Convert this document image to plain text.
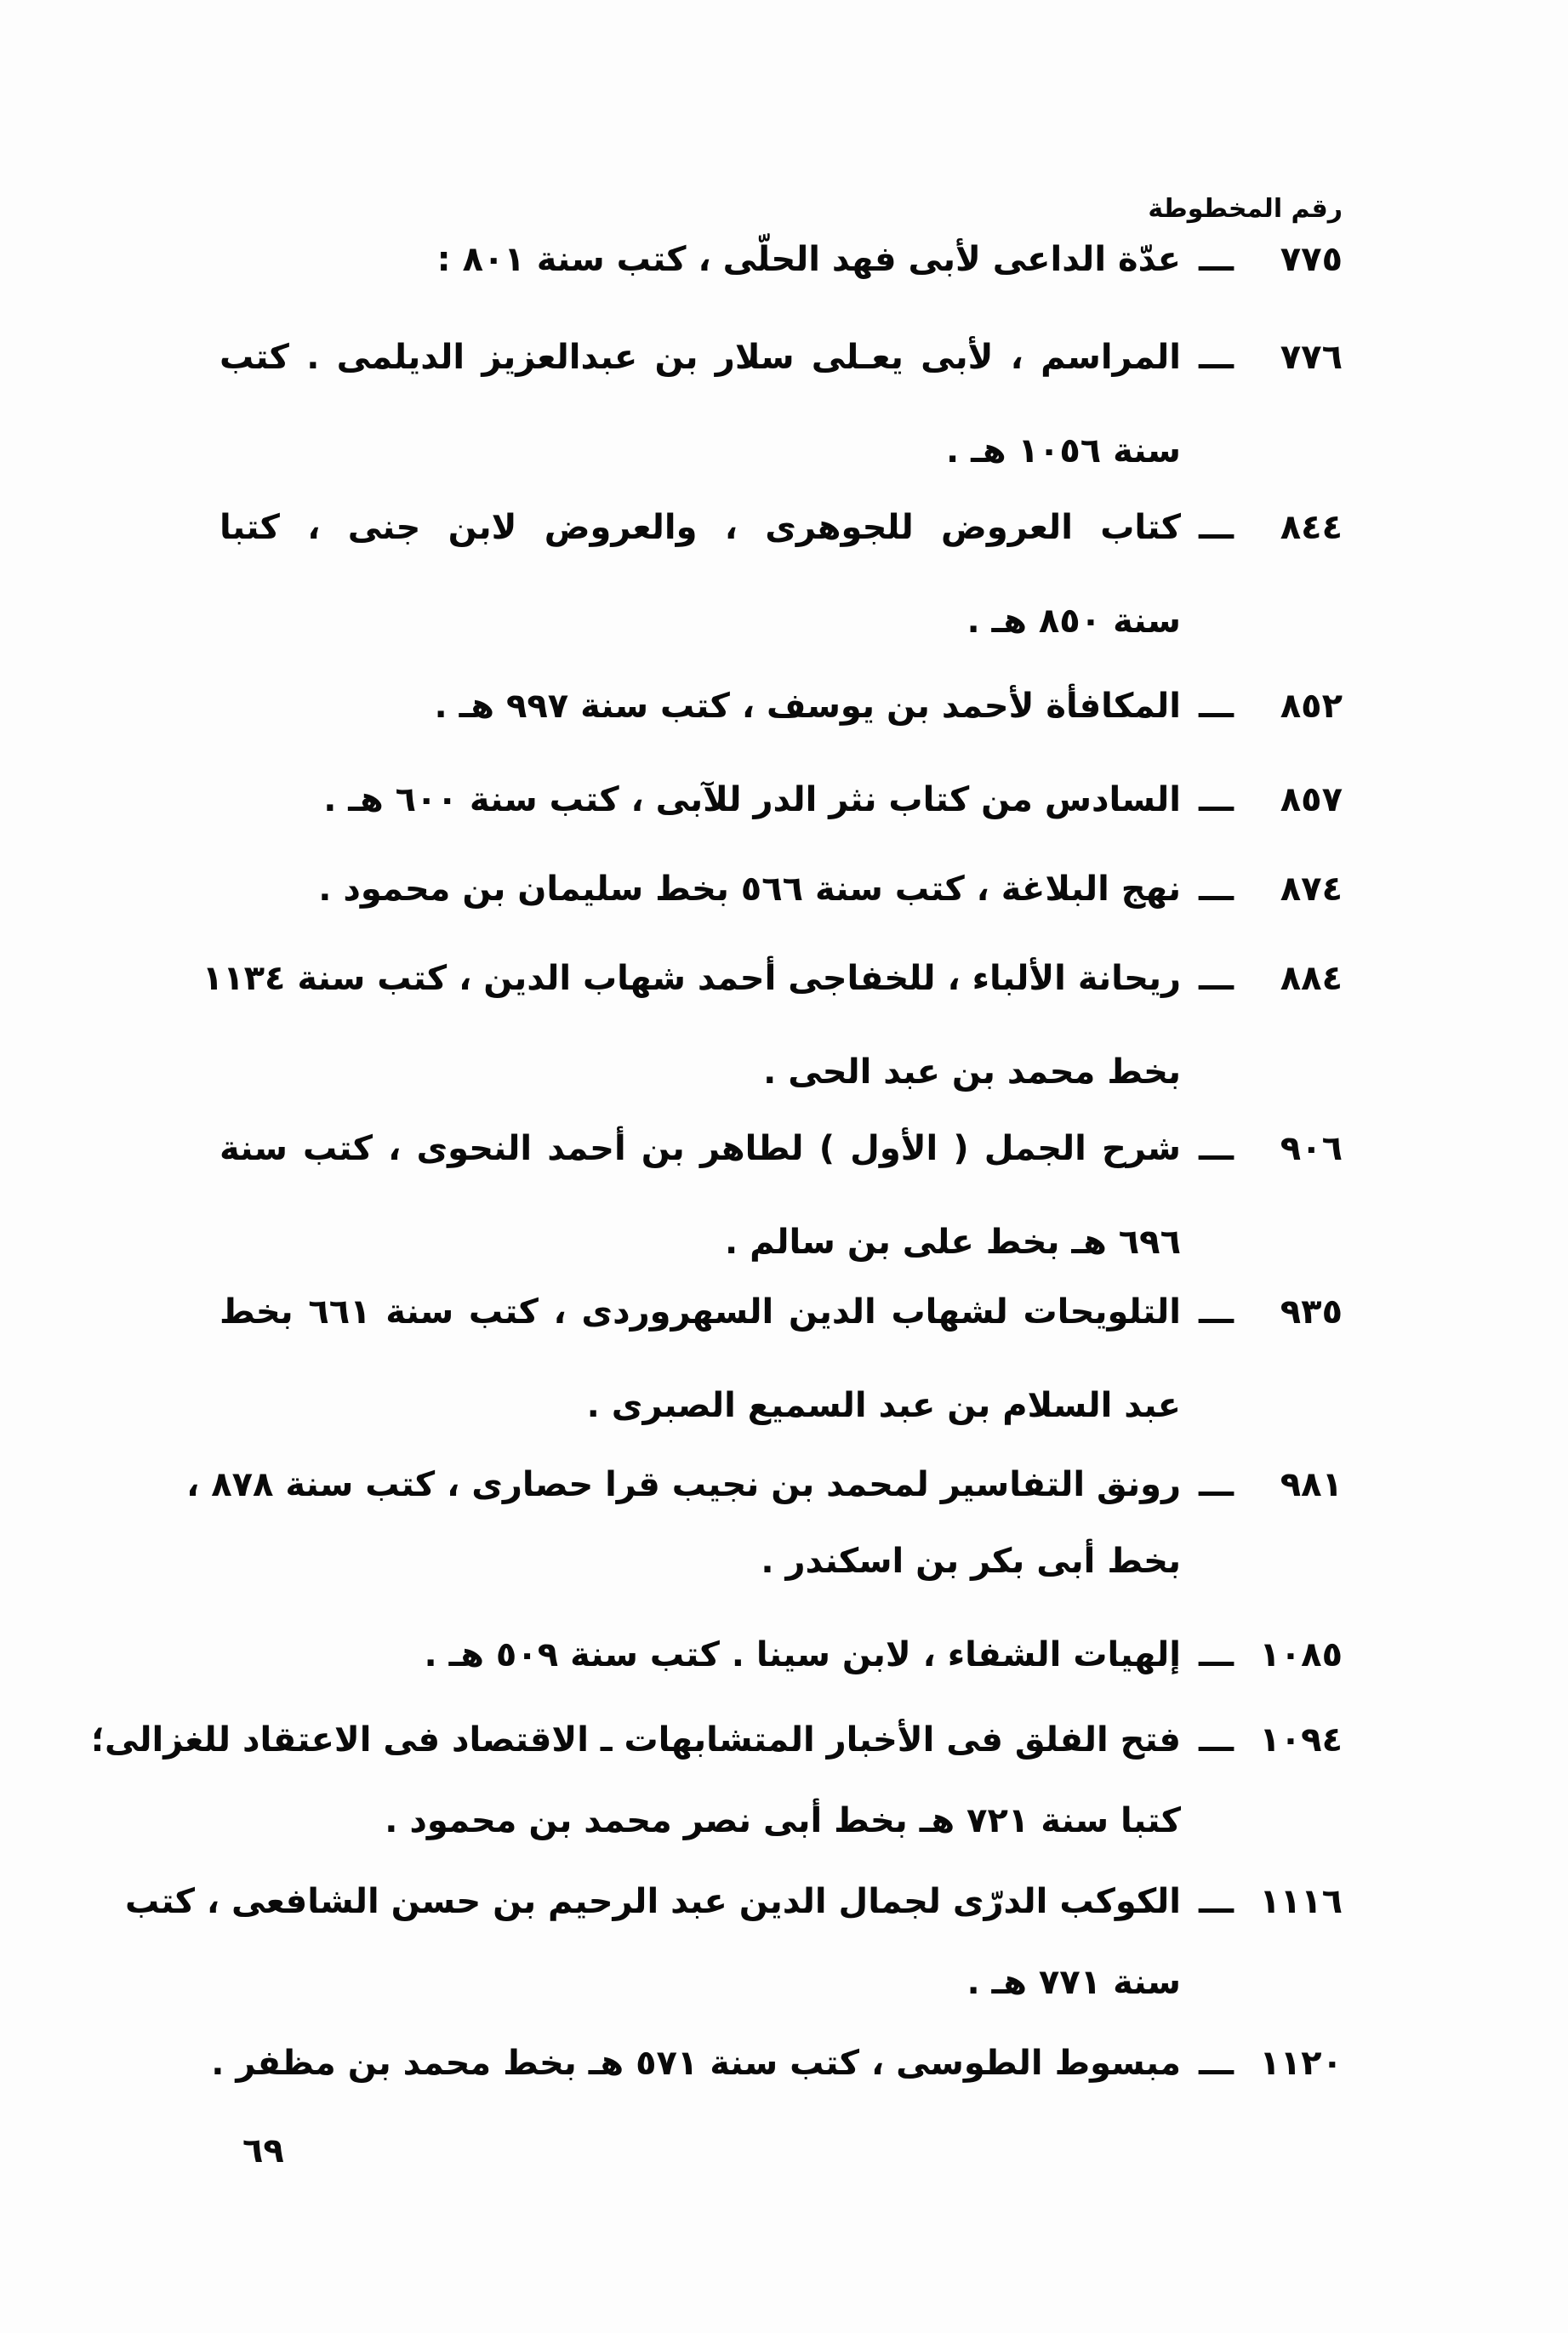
رقم المخطوطة
٧٧٥
ـــ
عدّة الداعى لأبى فهد الحلّى ، كتب سنة ٨٠١ :
٧٧٦
ـــ
المراسم ، لأبى يعـلى سلار بن عبدالعزيز الديلمى . كتب
سنة ١٠٥٦ هـ .
٨٤٤
ـــ
كتاب العروض للجوهرى ، والعروض لابن جنى ، كتبا
سنة ٨٥٠ هـ .
٨٥٢
ـــ
المكافأة لأحمد بن يوسف ، كتب سنة ٩٩٧ هـ .
٨٥٧
ـــ
السادس من كتاب نثر الدر للآبى ، كتب سنة ٦٠٠ هـ .
٨٧٤
ـــ
نهج البلاغة ، كتب سنة ٥٦٦ بخط سليمان بن محمود .
٨٨٤
ـــ
ريحانة الألباء ، للخفاجى أحمد شهاب الدين ، كتب سنة ١١٣٤
بخط محمد بن عبد الحى .
٩٠٦
ـــ
شرح الجمل ( الأول ) لطاهر بن أحمد النحوى ، كتب سنة
٦٩٦ هـ بخط على بن سالم .
٩٣٥
ـــ
التلويحات لشهاب الدين السهروردى ، كتب سنة ٦٦١ بخط
عبد السلام بن عبد السميع الصبرى .
٩٨١
ـــ
رونق التفاسير لمحمد بن نجيب قرا حصارى ، كتب سنة ٨٧٨ ،
بخط أبى بكر بن اسكندر .
١٠٨٥
ـــ
إلهيات الشفاء ، لابن سينا . كتب سنة ٥٠٩ هـ .
١٠٩٤
ـــ
فتح الفلق فى الأخبار المتشابهات ـ الاقتصاد فى الاعتقاد للغزالى؛
كتبا سنة ٧٢١ هـ بخط أبى نصر محمد بن محمود .
١١١٦
ـــ
الكوكب الدرّى لجمال الدين عبد الرحيم بن حسن الشافعى ، كتب
سنة ٧٧١ هـ .
١١٢٠
ـــ
مبسوط الطوسى ، كتب سنة ٥٧١ هـ بخط محمد بن مظفر .
٦٩
